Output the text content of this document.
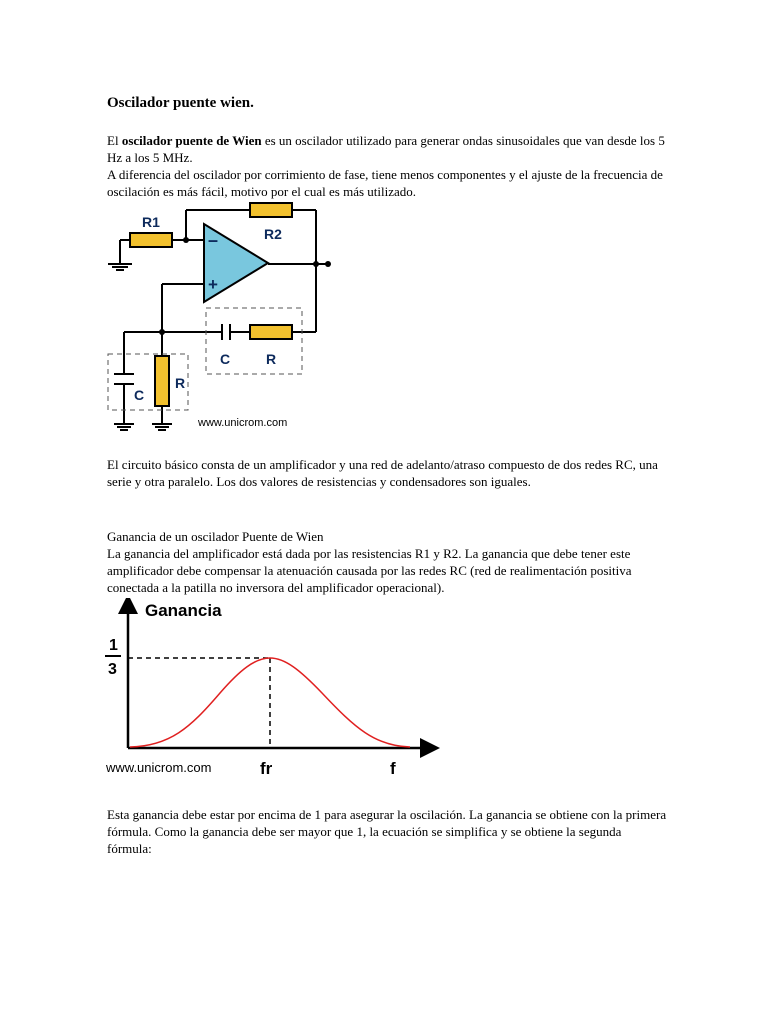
Oscilador puente wien.
El oscilador puente de Wien es un oscilador utilizado para generar ondas sinusoidales que van desde los 5 Hz a los 5 MHz.
A diferencia del oscilador por corrimiento de fase, tiene menos componentes y el ajuste de la frecuencia de oscilación es más fácil, motivo por el cual es más utilizado.
R1
R2
–
+
C	R
C
R
www.unicrom.com
El circuito básico consta de un amplificador y una red de adelanto/atraso compuesto de dos redes RC, una serie y otra paralelo. Los dos valores de resistencias y condensadores son iguales.
Ganancia de un oscilador Puente de Wien
La ganancia del amplificador está dada por las resistencias R1 y R2. La ganancia que debe tener este amplificador debe compensar la atenuación causada por las redes RC (red de realimentación positiva conectada a la patilla no inversora del amplificador operacional).
Ganancia
1
3
www.unicrom.com	fr	f
Esta ganancia debe estar por encima de 1 para asegurar la oscilación. La ganancia se obtiene con la primera fórmula. Como la ganancia debe ser mayor que 1, la ecuación se simplifica y se obtiene la segunda fórmula:
